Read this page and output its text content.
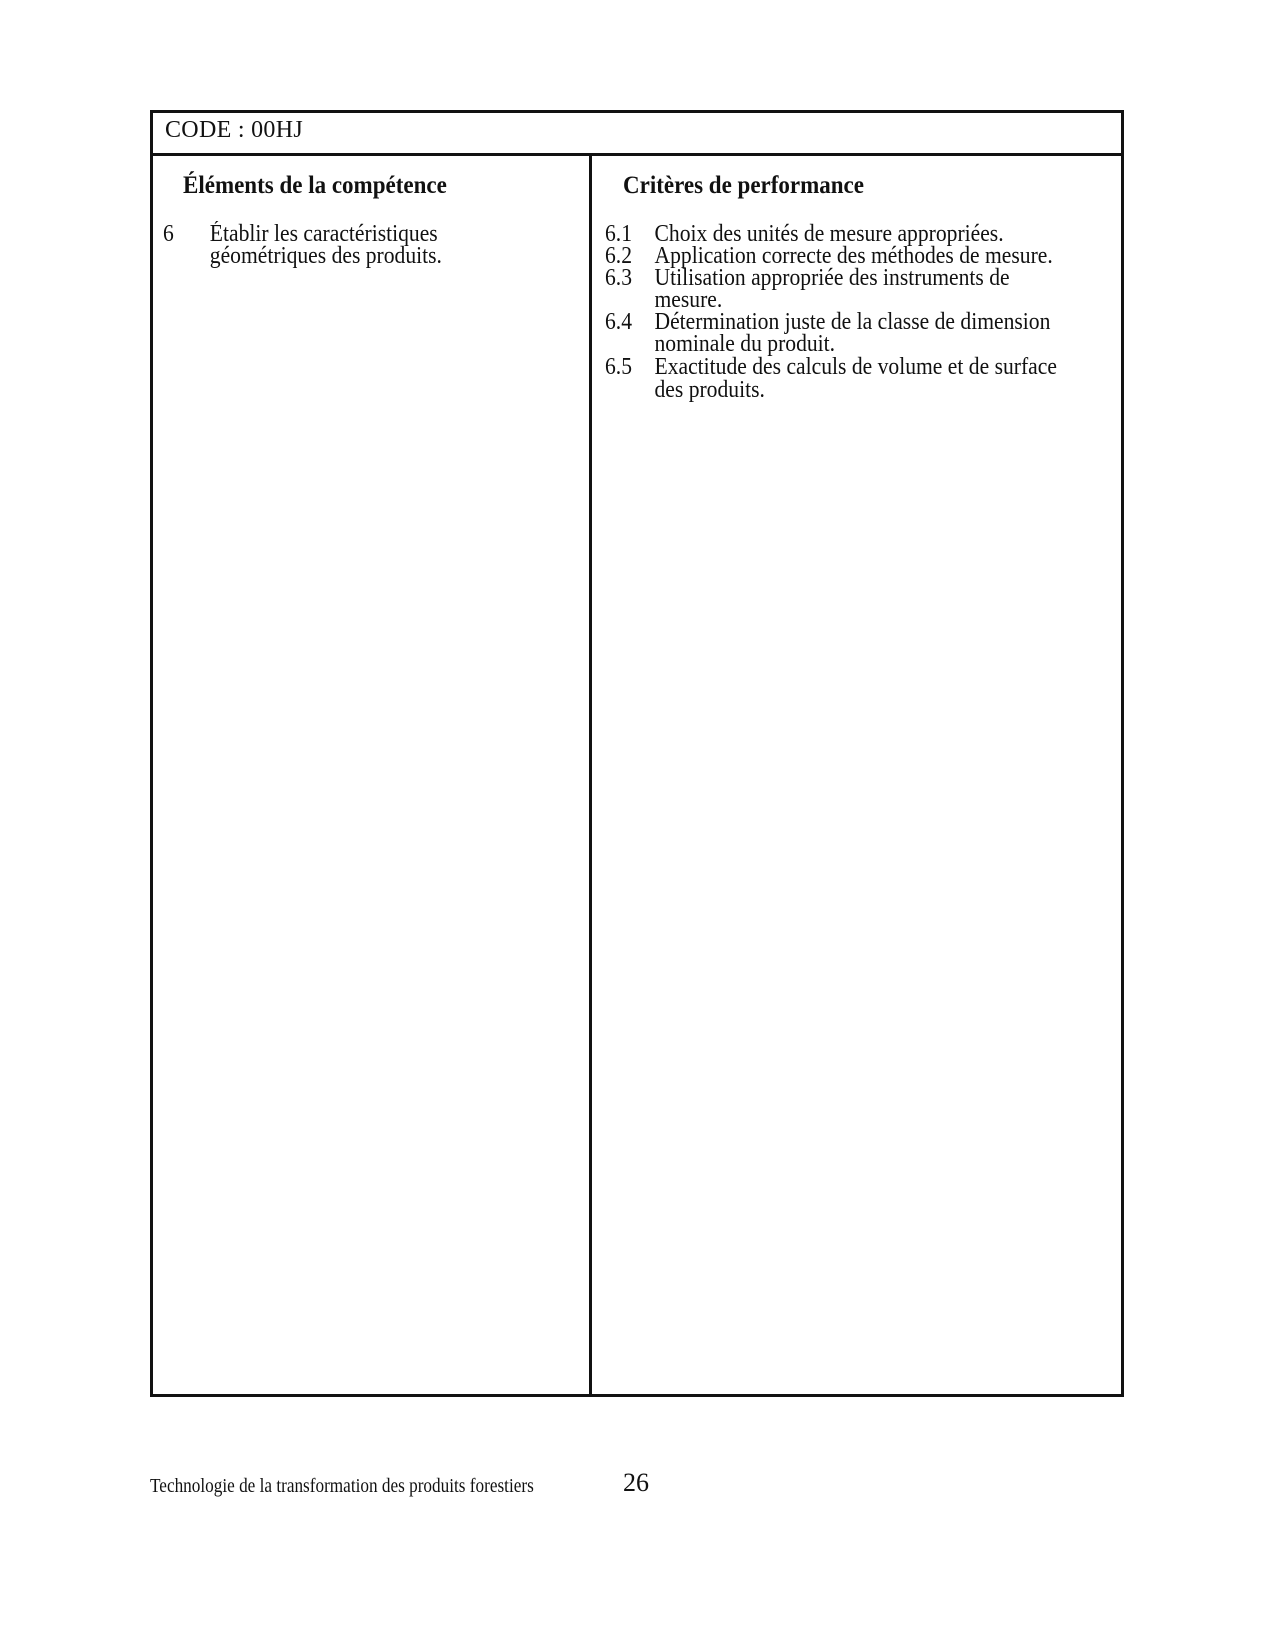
CODE : 00HJ
Éléments de la compétence	Critères de performance
6 Établir les caractéristiques
géométriques des produits.
6.1 Choix des unités de mesure appropriées.
6.2 Application correcte des méthodes de mesure.
6.3 Utilisation appropriée des instruments de
mesure.
6.4 Détermination juste de la classe de dimension
nominale du produit.
6.5 Exactitude des calculs de volume et de surface
des produits.
Technologie de la transformation des produits forestiers	26
